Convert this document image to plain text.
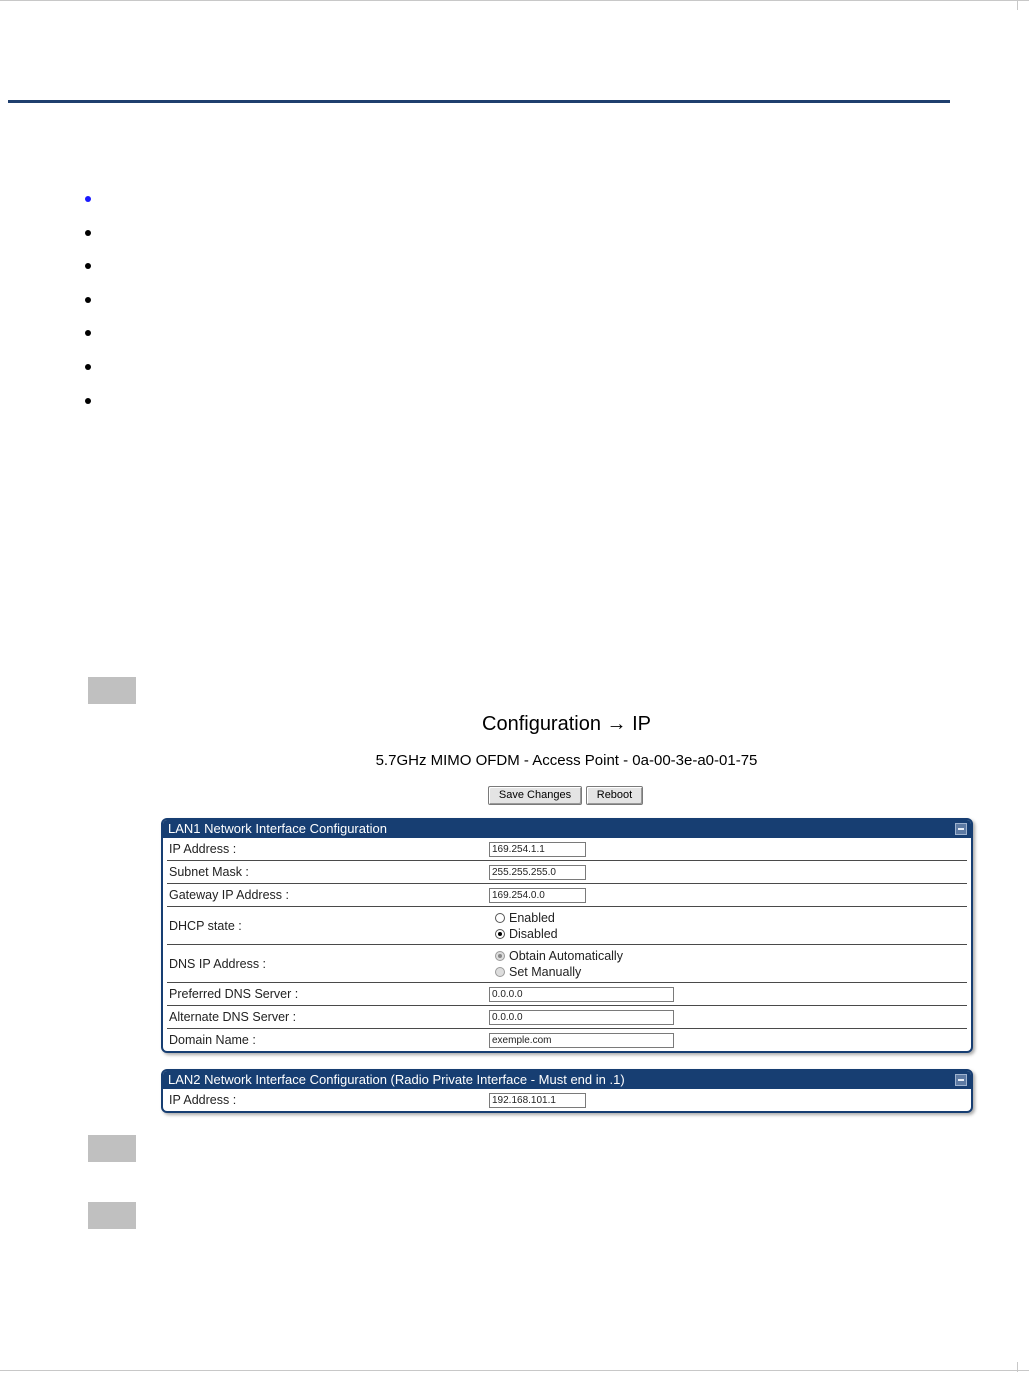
Configuration → IP
5.7GHz MIMO OFDM - Access Point - 0a-00-3e-a0-01-75
Save Changes	Reboot
LAN1 Network Interface Configuration
IP Address :
169.254.1.1
Subnet Mask :
255.255.255.0
Gateway IP Address :
169.254.0.0
DHCP state :
Enabled
Disabled
DNS IP Address :
Obtain Automatically
Set Manually
Preferred DNS Server :
0.0.0.0
Alternate DNS Server :
0.0.0.0
Domain Name :
exemple.com
LAN2 Network Interface Configuration (Radio Private Interface - Must end in .1)
IP Address :
192.168.101.1
